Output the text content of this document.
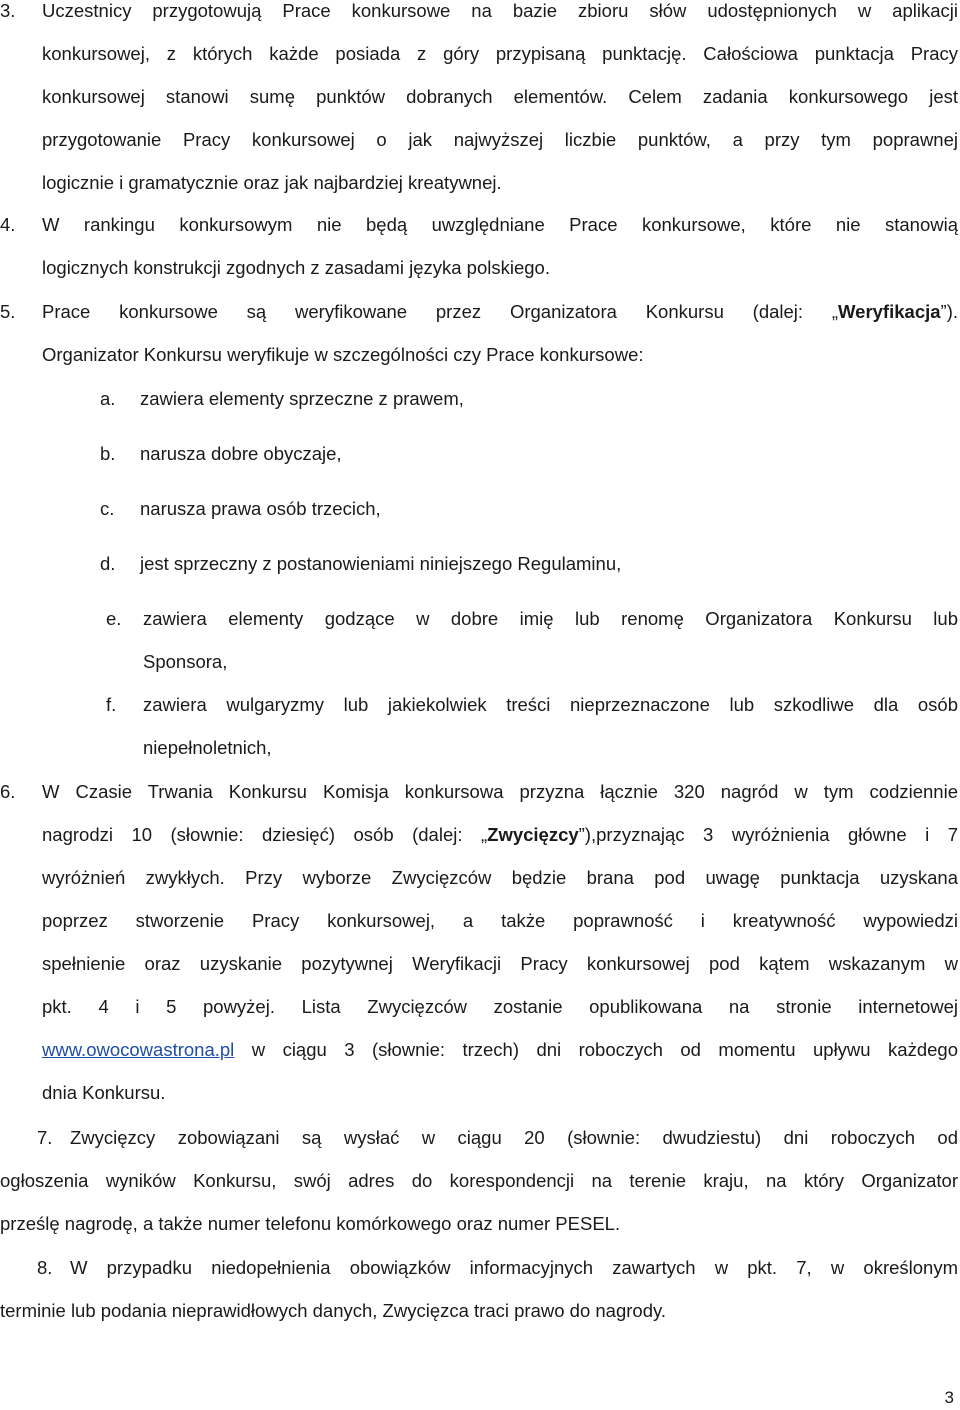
3. Uczestnicy przygotowują Prace konkursowe na bazie zbioru słów udostępnionych w aplikacji
konkursowej, z których każde posiada z góry przypisaną punktację. Całościowa punktacja Pracy
konkursowej stanowi sumę punktów dobranych elementów. Celem zadania konkursowego jest
przygotowanie Pracy konkursowej o jak najwyższej liczbie punktów, a przy tym poprawnej
logicznie i gramatycznie oraz jak najbardziej kreatywnej.
4. W rankingu konkursowym nie będą uwzględniane Prace konkursowe, które nie stanowią
logicznych konstrukcji zgodnych z zasadami języka polskiego.
5. Prace konkursowe są weryfikowane przez Organizatora Konkursu (dalej: „Weryfikacja”).
Organizator Konkursu weryfikuje w szczególności czy Prace konkursowe:
a. zawiera elementy sprzeczne z prawem,
b. narusza dobre obyczaje,
c. narusza prawa osób trzecich,
d. jest sprzeczny z postanowieniami niniejszego Regulaminu,
e. zawiera elementy godzące w dobre imię lub renomę Organizatora Konkursu lub
Sponsora,
f. zawiera wulgaryzmy lub jakiekolwiek treści nieprzeznaczone lub szkodliwe dla osób
niepełnoletnich,
6. W Czasie Trwania Konkursu Komisja konkursowa przyzna łącznie 320 nagród w tym codziennie
nagrodzi 10 (słownie: dziesięć) osób (dalej: „Zwycięzcy”),przyznając 3 wyróżnienia główne i 7
wyróżnień zwykłych. Przy wyborze Zwycięzców będzie brana pod uwagę punktacja uzyskana
poprzez stworzenie Pracy konkursowej, a także poprawność i kreatywność wypowiedzi
spełnienie oraz uzyskanie pozytywnej Weryfikacji Pracy konkursowej pod kątem wskazanym w
pkt. 4 i 5 powyżej. Lista Zwycięzców zostanie opublikowana na stronie internetowej
www.owocowastrona.pl w ciągu 3 (słownie: trzech) dni roboczych od momentu upływu każdego
dnia Konkursu.
7. Zwycięzcy zobowiązani są wysłać w ciągu 20 (słownie: dwudziestu) dni roboczych od
ogłoszenia wyników Konkursu, swój adres do korespondencji na terenie kraju, na który Organizator
prześlę nagrodę, a także numer telefonu komórkowego oraz numer PESEL.
8. W przypadku niedopełnienia obowiązków informacyjnych zawartych w pkt. 7, w określonym
terminie lub podania nieprawidłowych danych, Zwycięzca traci prawo do nagrody.
3
